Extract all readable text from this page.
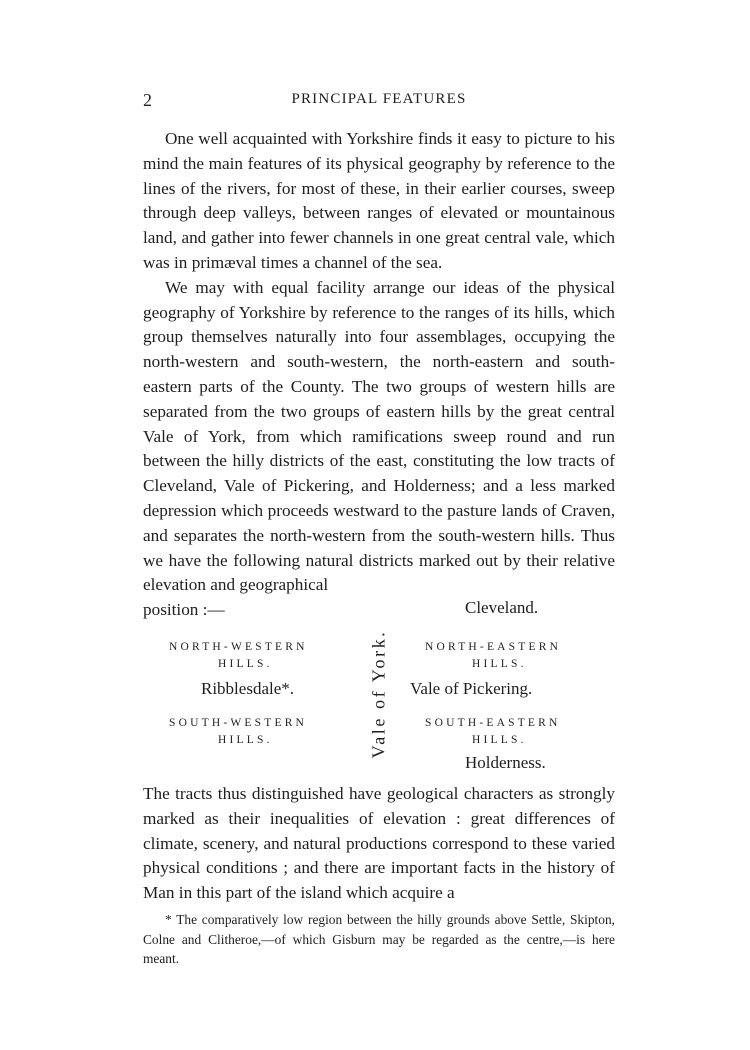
2	PRINCIPAL FEATURES

One well acquainted with Yorkshire finds it easy to picture to his mind the main features of its physical geography by reference to the lines of the rivers, for most of these, in their earlier courses, sweep through deep valleys, between ranges of elevated or mountainous land, and gather into fewer channels in one great central vale, which was in primæval times a channel of the sea.

We may with equal facility arrange our ideas of the physical geography of Yorkshire by reference to the ranges of its hills, which group themselves naturally into four assemblages, occupying the north-western and south-western, the north-eastern and south-eastern parts of the County. The two groups of western hills are separated from the two groups of eastern hills by the great central Vale of York, from which ramifications sweep round and run between the hilly districts of the east, constituting the low tracts of Cleveland, Vale of Pickering, and Holderness; and a less marked depression which proceeds westward to the pasture lands of Craven, and separates the north-western from the south-western hills. Thus we have the following natural districts marked out by their relative elevation and geographical

position :—	Cleveland.
NORTH-WESTERN
HILLS.
Ribblesdale*.
SOUTH-WESTERN
HILLS.	Vale of York.	NORTH-EASTERN
HILLS.
Vale of Pickering.
SOUTH-EASTERN
HILLS.
Holderness.

The tracts thus distinguished have geological characters as strongly marked as their inequalities of elevation : great differences of climate, scenery, and natural productions correspond to these varied physical conditions ; and there are important facts in the history of Man in this part of the island which acquire a

* The comparatively low region between the hilly grounds above Settle, Skipton, Colne and Clitheroe,—of which Gisburn may be regarded as the centre,—is here meant.
